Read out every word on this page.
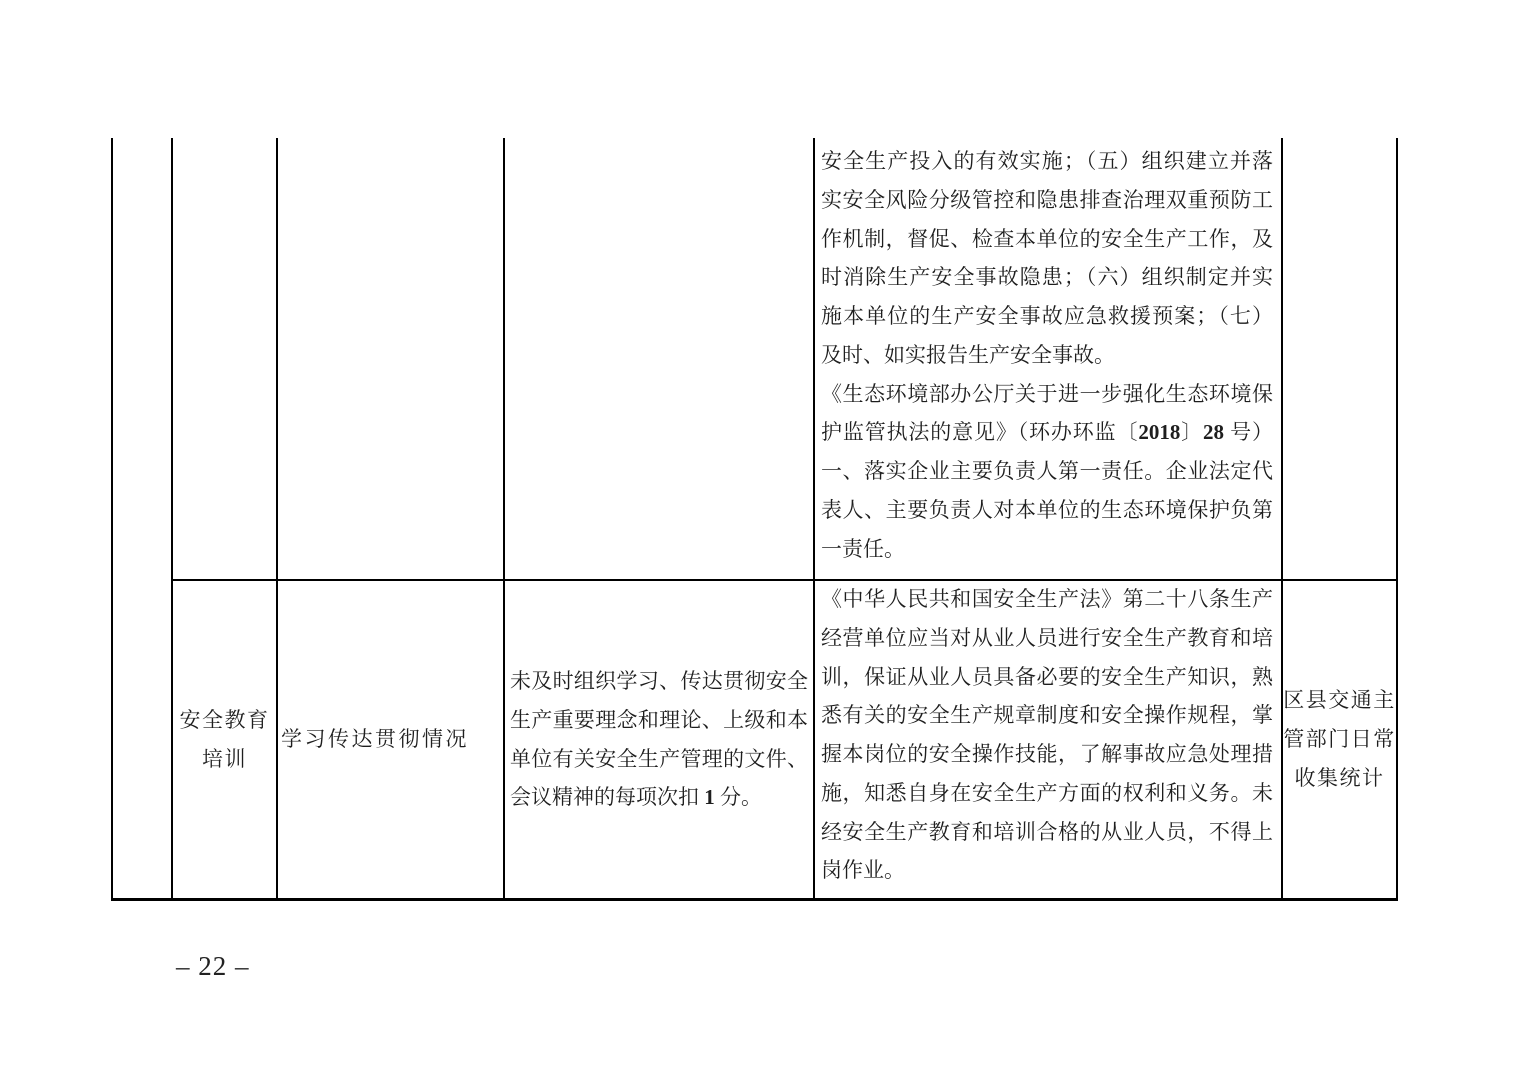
安全生产投入的有效实施；（五）组织建立并落
实安全风险分级管控和隐患排查治理双重预防工
作机制，督促、检查本单位的安全生产工作，及
时消除生产安全事故隐患；（六）组织制定并实
施本单位的生产安全事故应急救援预案；（七）
及时、如实报告生产安全事故。
《生态环境部办公厅关于进一步强化生态环境保
护监管执法的意见》（环办环监〔2018〕28 号）
一、落实企业主要负责人第一责任。企业法定代
表人、主要负责人对本单位的生态环境保护负第
一责任。
安全教育
培训
学习传达贯彻情况
未及时组织学习、传达贯彻安全
生产重要理念和理论、上级和本
单位有关安全生产管理的文件、
会议精神的每项次扣 1 分。
《中华人民共和国安全生产法》第二十八条生产
经营单位应当对从业人员进行安全生产教育和培
训，保证从业人员具备必要的安全生产知识，熟
悉有关的安全生产规章制度和安全操作规程，掌
握本岗位的安全操作技能，了解事故应急处理措
施，知悉自身在安全生产方面的权利和义务。未
经安全生产教育和培训合格的从业人员，不得上
岗作业。
区县交通主
管部门日常
收集统计
– 22 –
